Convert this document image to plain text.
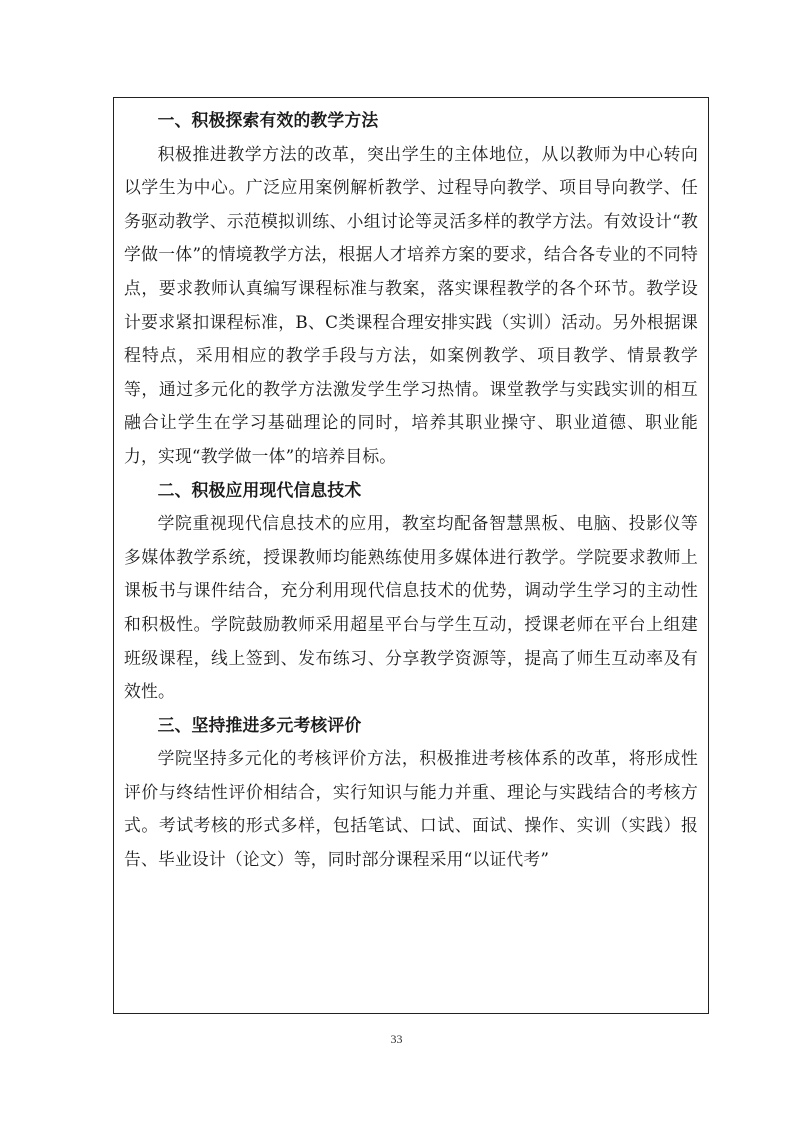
一、积极探索有效的教学方法

积极推进教学方法的改革，突出学生的主体地位，从以教师为中心转向以学生为中心。广泛应用案例解析教学、过程导向教学、项目导向教学、任务驱动教学、示范模拟训练、小组讨论等灵活多样的教学方法。有效设计“教学做一体”的情境教学方法，根据人才培养方案的要求，结合各专业的不同特点，要求教师认真编写课程标准与教案，落实课程教学的各个环节。教学设计要求紧扣课程标准，B、C类课程合理安排实践（实训）活动。另外根据课程特点，采用相应的教学手段与方法，如案例教学、项目教学、情景教学等，通过多元化的教学方法激发学生学习热情。课堂教学与实践实训的相互融合让学生在学习基础理论的同时，培养其职业操守、职业道德、职业能力，实现“教学做一体”的培养目标。

二、积极应用现代信息技术

学院重视现代信息技术的应用，教室均配备智慧黑板、电脑、投影仪等多媒体教学系统，授课教师均能熟练使用多媒体进行教学。学院要求教师上课板书与课件结合，充分利用现代信息技术的优势，调动学生学习的主动性和积极性。学院鼓励教师采用超星平台与学生互动，授课老师在平台上组建班级课程，线上签到、发布练习、分享教学资源等，提高了师生互动率及有效性。

三、坚持推进多元考核评价

学院坚持多元化的考核评价方法，积极推进考核体系的改革，将形成性评价与终结性评价相结合，实行知识与能力并重、理论与实践结合的考核方式。考试考核的形式多样，包括笔试、口试、面试、操作、实训（实践）报告、毕业设计（论文）等，同时部分课程采用“以证代考”

33
